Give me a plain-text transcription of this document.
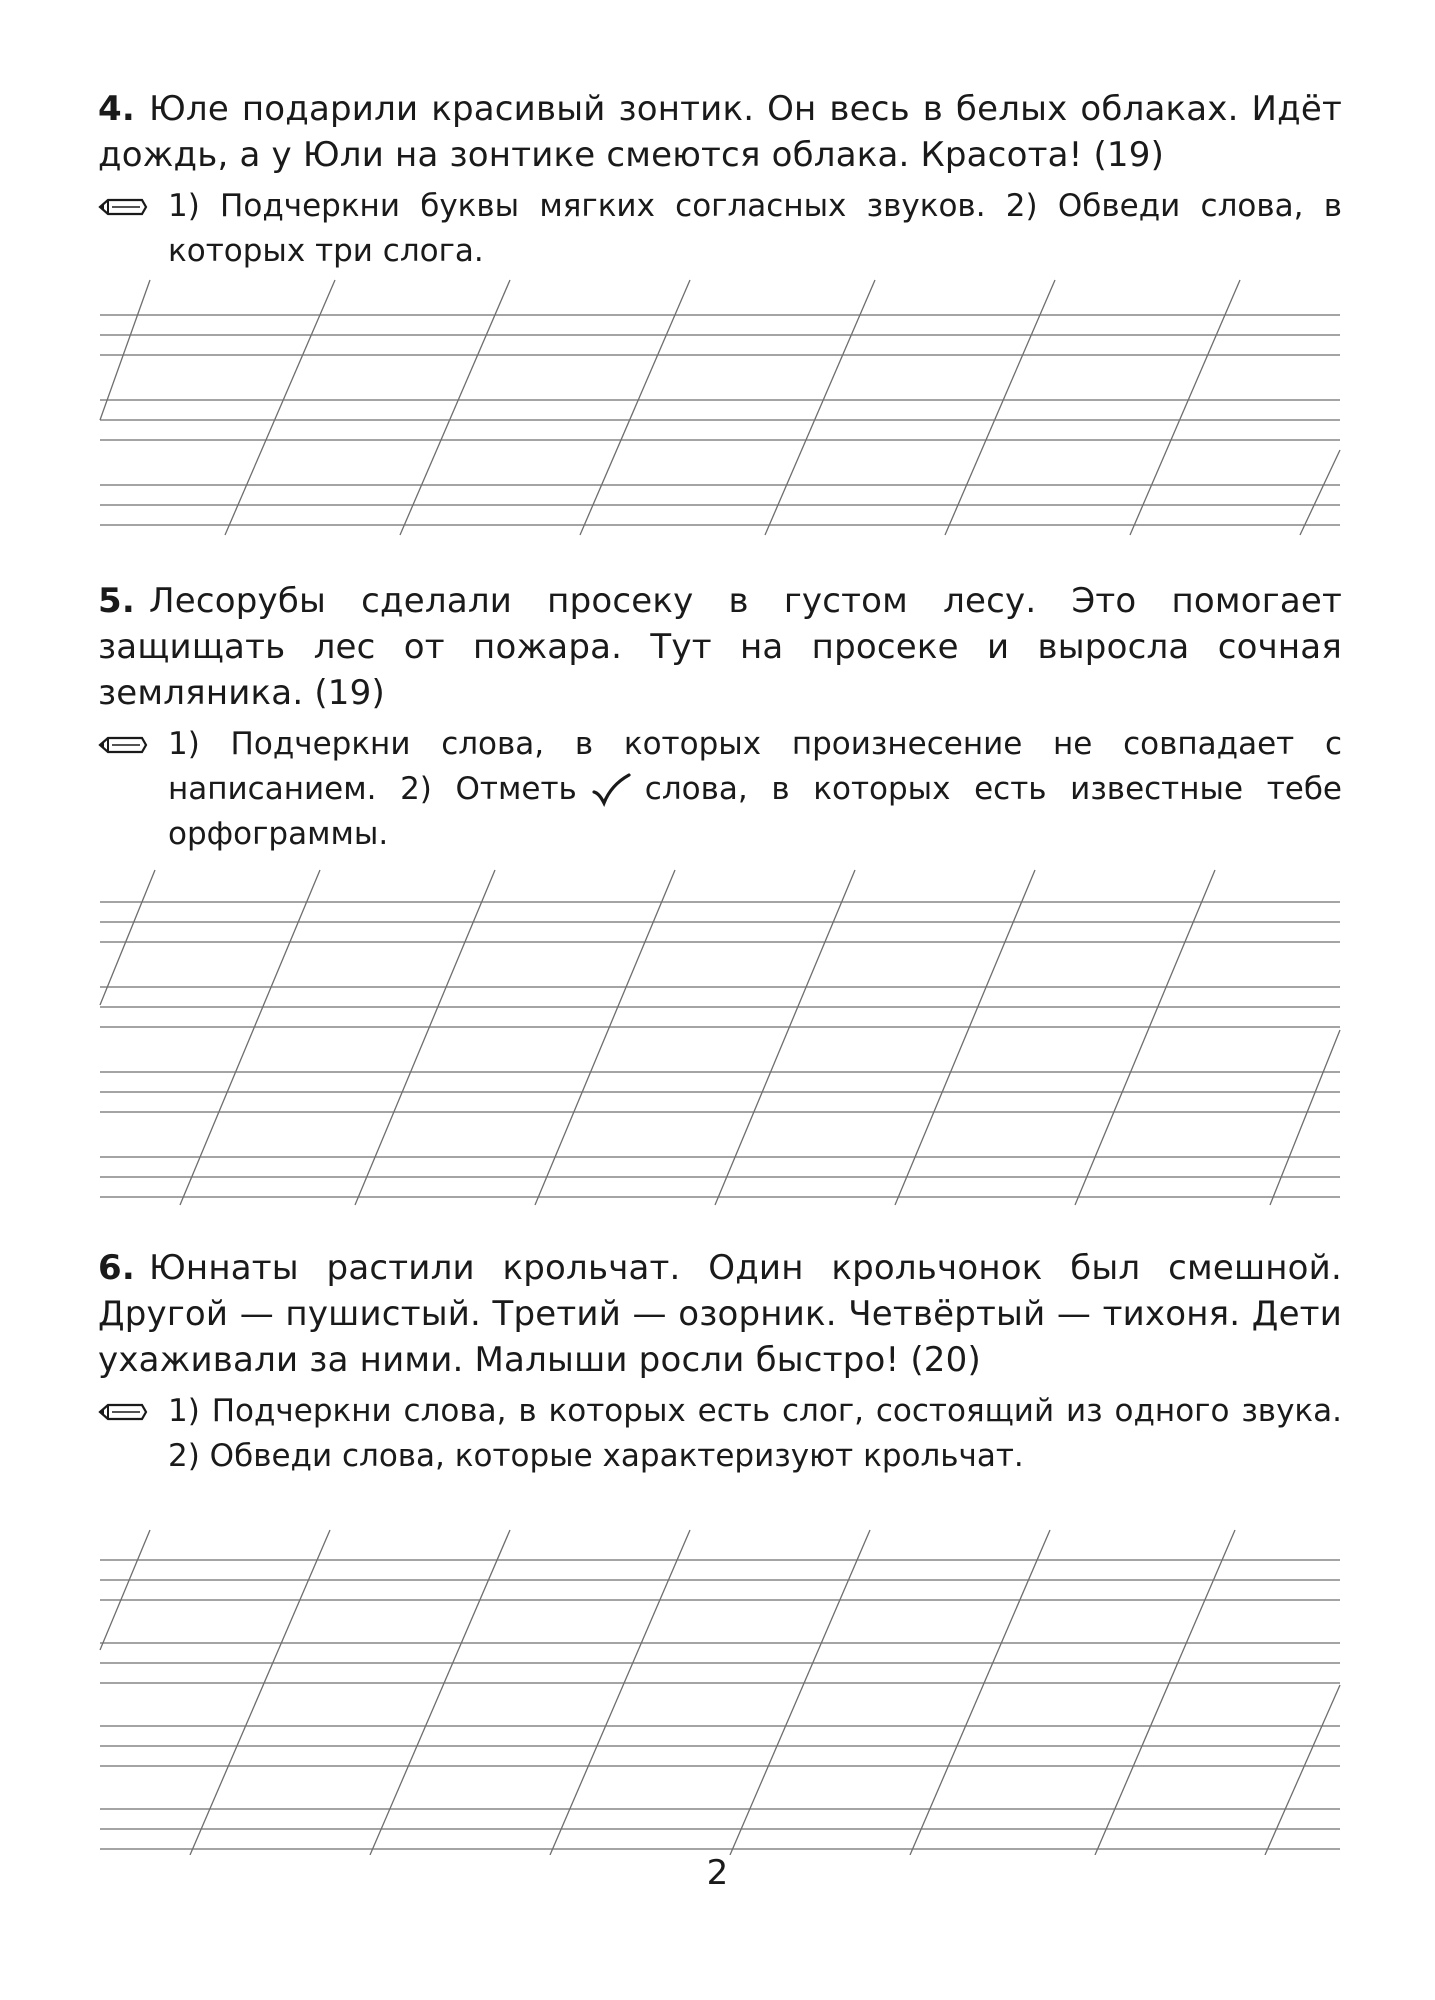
4. Юле подарили красивый зонтик. Он весь в белых облаках. Идёт дождь, а у Юли на зонтике смеются облака. Красота! (19)

1) Подчеркни буквы мягких согласных звуков. 2) Обведи слова, в которых три слога.

5. Лесорубы сделали просеку в густом лесу. Это помогает защищать лес от пожара. Тут на просеке и выросла сочная земляника. (19)

1) Подчеркни слова, в которых произнесение не совпадает с написанием. 2) Отметь слова, в которых есть известные тебе орфограммы.

6. Юннаты растили крольчат. Один крольчонок был смешной. Другой — пушистый. Третий — озорник. Четвёртый — тихоня. Дети ухаживали за ними. Малыши росли быстро! (20)

1) Подчеркни слова, в которых есть слог, состоящий из одного звука. 2) Обведи слова, которые характеризуют крольчат.
2
